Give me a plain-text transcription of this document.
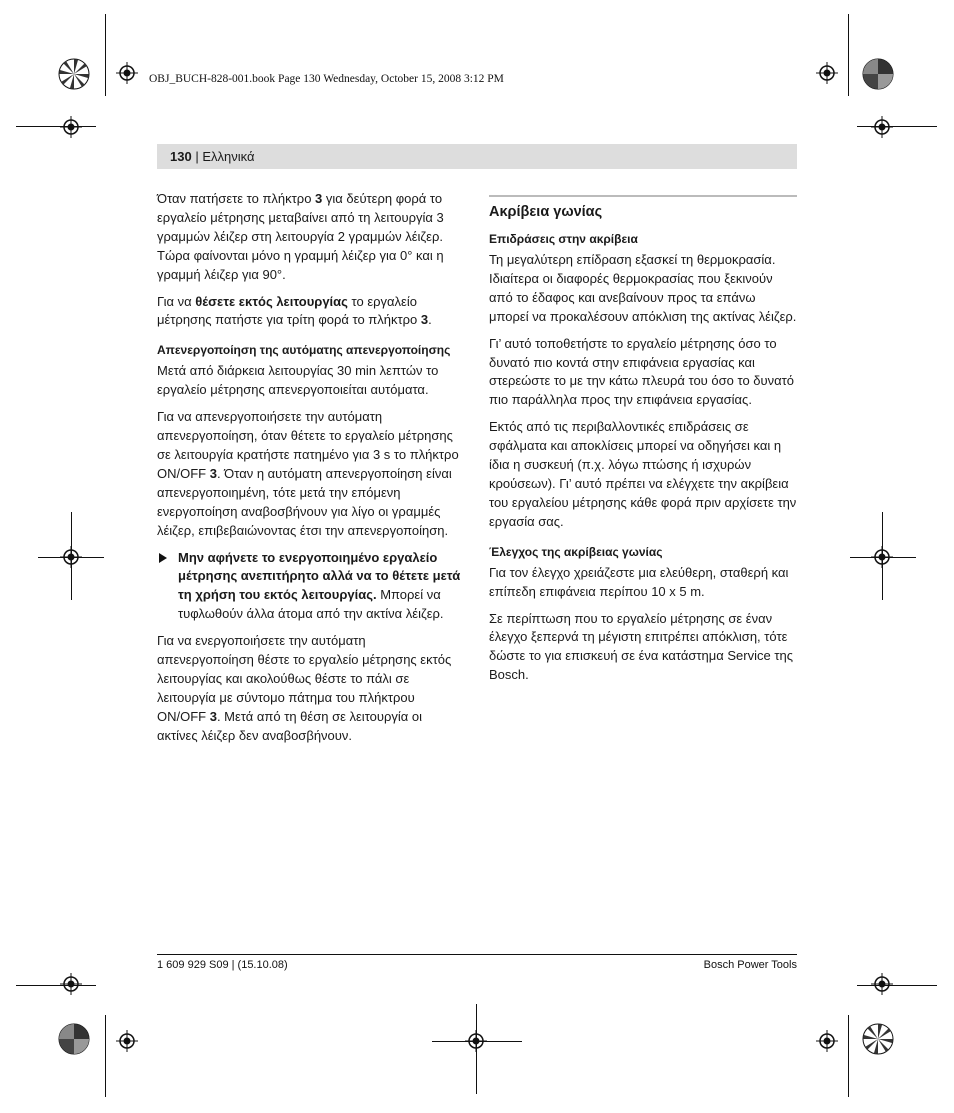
OBJ_BUCH-828-001.book Page 130 Wednesday, October 15, 2008 3:12 PM
130 | Ελληνικά

Όταν πατήσετε το πλήκτρο 3 για δεύτερη φορά το εργαλείο μέτρησης μεταβαίνει από τη λειτουργία 3 γραμμών λέιζερ στη λειτουργία 2 γραμμών λέιζερ. Τώρα φαίνονται μόνο η γραμμή λέιζερ για 0° και η γραμμή λέιζερ για 90°.

Για να θέσετε εκτός λειτουργίας το εργαλείο μέτρησης πατήστε για τρίτη φορά το πλήκτρο 3.

Απενεργοποίηση της αυτόματης απενεργοποίησης

Μετά από διάρκεια λειτουργίας 30 min λεπτών το εργαλείο μέτρησης απενεργοποιείται αυτόματα.

Για να απενεργοποιήσετε την αυτόματη απενεργοποίηση, όταν θέτετε το εργαλείο μέτρησης σε λειτουργία κρατήστε πατημένο για 3 s το πλήκτρο ON/OFF 3. Όταν η αυτόματη απενεργοποίηση είναι απενεργοποιημένη, τότε μετά την επόμενη ενεργοποίηση αναβοσβήνουν για λίγο οι γραμμές λέιζερ, επιβεβαιώνοντας έτσι την απενεργοποίηση.

Μην αφήνετε το ενεργοποιημένο εργαλείο μέτρησης ανεπιτήρητο αλλά να το θέτετε μετά τη χρήση του εκτός λειτουργίας. Μπορεί να τυφλωθούν άλλα άτομα από την ακτίνα λέιζερ.

Για να ενεργοποιήσετε την αυτόματη απενεργοποίηση θέστε το εργαλείο μέτρησης εκτός λειτουργίας και ακολούθως θέστε το πάλι σε λειτουργία με σύντομο πάτημα του πλήκτρου ON/OFF 3. Μετά από τη θέση σε λειτουργία οι ακτίνες λέιζερ δεν αναβοσβήνουν.

Ακρίβεια γωνίας

Επιδράσεις στην ακρίβεια

Τη μεγαλύτερη επίδραση εξασκεί τη θερμοκρασία. Ιδιαίτερα οι διαφορές θερμοκρασίας που ξεκινούν από το έδαφος και ανεβαίνουν προς τα επάνω μπορεί να προκαλέσουν απόκλιση της ακτίνας λέιζερ.

Γι’ αυτό τοποθετήστε το εργαλείο μέτρησης όσο το δυνατό πιο κοντά στην επιφάνεια εργασίας και στερεώστε το με την κάτω πλευρά του όσο το δυνατό πιο παράλληλα προς την επιφάνεια εργασίας.

Εκτός από τις περιβαλλοντικές επιδράσεις σε σφάλματα και αποκλίσεις μπορεί να οδηγήσει και η ίδια η συσκευή (π.χ. λόγω πτώσης ή ισχυρών κρούσεων). Γι’ αυτό πρέπει να ελέγχετε την ακρίβεια του εργαλείου μέτρησης κάθε φορά πριν αρχίσετε την εργασία σας.

Έλεγχος της ακρίβειας γωνίας

Για τον έλεγχο χρειάζεστε μια ελεύθερη, σταθερή και επίπεδη επιφάνεια περίπου 10 x 5 m.

Σε περίπτωση που το εργαλείο μέτρησης σε έναν έλεγχο ξεπερνά τη μέγιστη επιτρέπει απόκλιση, τότε δώστε το για επισκευή σε ένα κατάστημα Service της Bosch.

1 609 929 S09 | (15.10.08)	Bosch Power Tools
